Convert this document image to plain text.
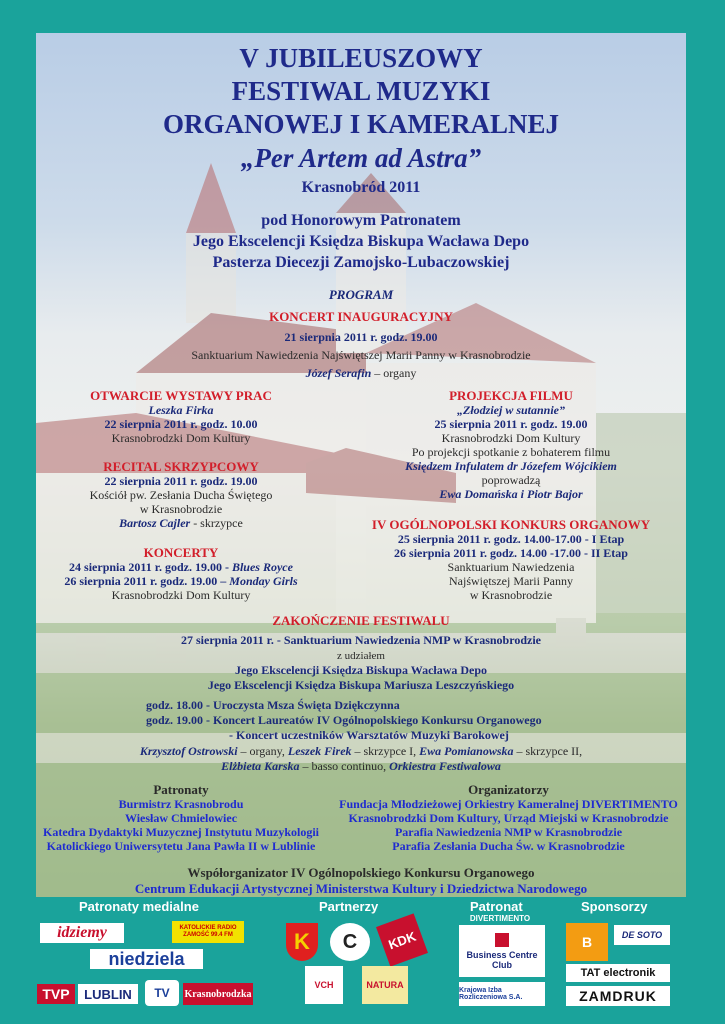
V JUBILEUSZOWY
FESTIWAL MUZYKI
ORGANOWEJ I KAMERALNEJ
„Per Artem ad Astra”
Krasnobród 2011
pod Honorowym Patronatem
Jego Ekscelencji Księdza Biskupa Wacława Depo
Pasterza Diecezji Zamojsko-Lubaczowskiej
PROGRAM
KONCERT INAUGURACYJNY
21 sierpnia 2011 r. godz. 19.00
Sanktuarium Nawiedzenia Najświętszej Marii Panny w Krasnobrodzie
Józef Serafin – organy
OTWARCIE WYSTAWY PRAC
Leszka Firka
22 sierpnia 2011 r. godz. 10.00
Krasnobrodzki Dom Kultury
RECITAL SKRZYPCOWY
22 sierpnia 2011 r. godz. 19.00
Kościół pw. Zesłania Ducha Świętego
w Krasnobrodzie
Bartosz Cajler - skrzypce
KONCERTY
24 sierpnia 2011 r. godz. 19.00 - Blues Royce
26 sierpnia 2011 r. godz. 19.00 – Monday Girls
Krasnobrodzki Dom Kultury
PROJEKCJA FILMU
„Złodziej w sutannie”
25 sierpnia 2011 r. godz. 19.00
Krasnobrodzki Dom Kultury
Po projekcji spotkanie z bohaterem filmu
Księdzem Infulatem dr Józefem Wójcikiem
poprowadzą
Ewa Domańska i Piotr Bajor
IV OGÓLNOPOLSKI KONKURS ORGANOWY
25 sierpnia 2011 r. godz. 14.00-17.00 - I Etap
26 sierpnia 2011 r. godz. 14.00 -17.00 - II Etap
Sanktuarium Nawiedzenia
Najświętszej Marii Panny
w Krasnobrodzie
ZAKOŃCZENIE FESTIWALU
27 sierpnia 2011 r. - Sanktuarium Nawiedzenia NMP w Krasnobrodzie
z udziałem
Jego Ekscelencji Księdza Biskupa Wacława Depo
Jego Ekscelencji Księdza Biskupa Mariusza Leszczyńskiego
godz. 18.00 - Uroczysta Msza Święta Dziękczynna
godz. 19.00 - Koncert Laureatów IV Ogólnopolskiego Konkursu Organowego
- Koncert uczestników Warsztatów Muzyki Barokowej
Krzysztof Ostrowski – organy, Leszek Firek – skrzypce I, Ewa Pomianowska – skrzypce II,
Elżbieta Karska – basso continuo, Orkiestra Festiwalowa
Patronaty
Burmistrz Krasnobrodu
Wiesław Chmielowiec
Katedra Dydaktyki Muzycznej Instytutu Muzykologii
Katolickiego Uniwersytetu Jana Pawła II w Lublinie
Organizatorzy
Fundacja Młodzieżowej Orkiestry Kameralnej DIVERTIMENTO
Krasnobrodzki Dom Kultury, Urząd Miejski w Krasnobrodzie
Parafia Nawiedzenia NMP w Krasnobrodzie
Parafia Zesłania Ducha Św. w Krasnobrodzie
Współorganizator IV Ogólnopolskiego Konkursu Organowego
Centrum Edukacji Artystycznej Ministerstwa Kultury i Dziedzictwa Narodowego
Patronaty medialne	Partnerzy	Patronat
DIVERTIMENTO
Sponsorzy
idziemy	KATOLICKIE RADIO ZAMOŚĆ 99.4 FM
niedziela
TVP	LUBLIN	TV	Krasnobrodzka
K	C	KDK
VCH	NATURA
Business Centre Club
Krajowa Izba Rozliczeniowa S.A.
B	DE SOTO
TAT electronik
ZAMDRUK
